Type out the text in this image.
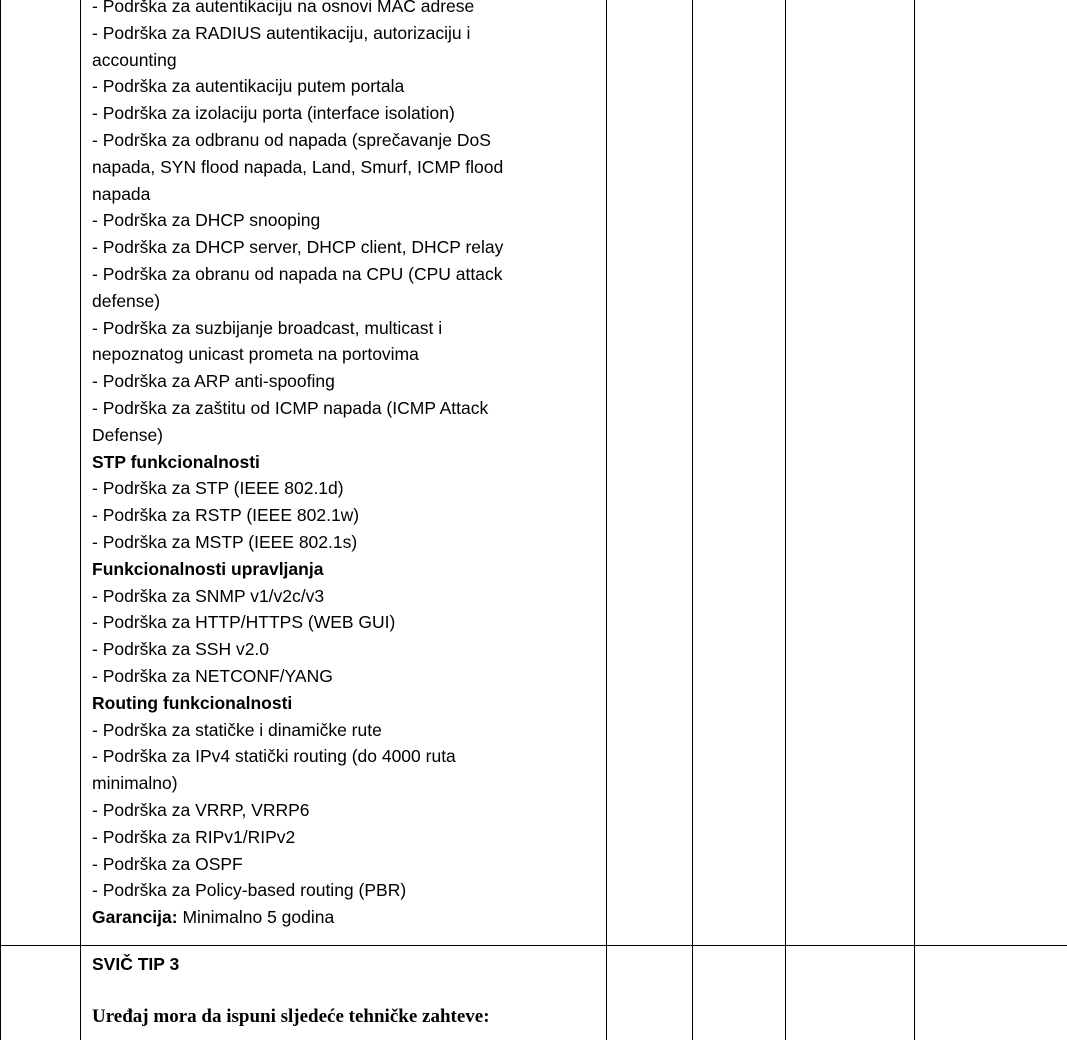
- Podrška za autentikaciju na osnovi MAC adrese
- Podrška za RADIUS autentikaciju, autorizaciju i
accounting
- Podrška za autentikaciju putem portala
- Podrška za izolaciju porta (interface isolation)
- Podrška za odbranu od napada (sprečavanje DoS
napada, SYN flood napada, Land, Smurf, ICMP flood
napada
- Podrška za DHCP snooping
- Podrška za DHCP server, DHCP client, DHCP relay
- Podrška za obranu od napada na CPU (CPU attack
defense)
- Podrška za suzbijanje broadcast, multicast i
nepoznatog unicast prometa na portovima
- Podrška za ARP anti-spoofing
- Podrška za zaštitu od ICMP napada (ICMP Attack
Defense)
STP funkcionalnosti
- Podrška za STP (IEEE 802.1d)
- Podrška za RSTP (IEEE 802.1w)
- Podrška za MSTP (IEEE 802.1s)
Funkcionalnosti upravljanja
- Podrška za SNMP v1/v2c/v3
- Podrška za HTTP/HTTPS (WEB GUI)
- Podrška za SSH v2.0
- Podrška za NETCONF/YANG
Routing funkcionalnosti
- Podrška za statičke i dinamičke rute
- Podrška za IPv4 statički routing (do 4000 ruta
minimalno)
- Podrška za VRRP, VRRP6
- Podrška za RIPv1/RIPv2
- Podrška za OSPF
- Podrška za Policy-based routing (PBR)
Garancija: Minimalno 5 godina
SVIČ TIP 3
Uređaj mora da ispuni sljedeće tehničke zahteve:
